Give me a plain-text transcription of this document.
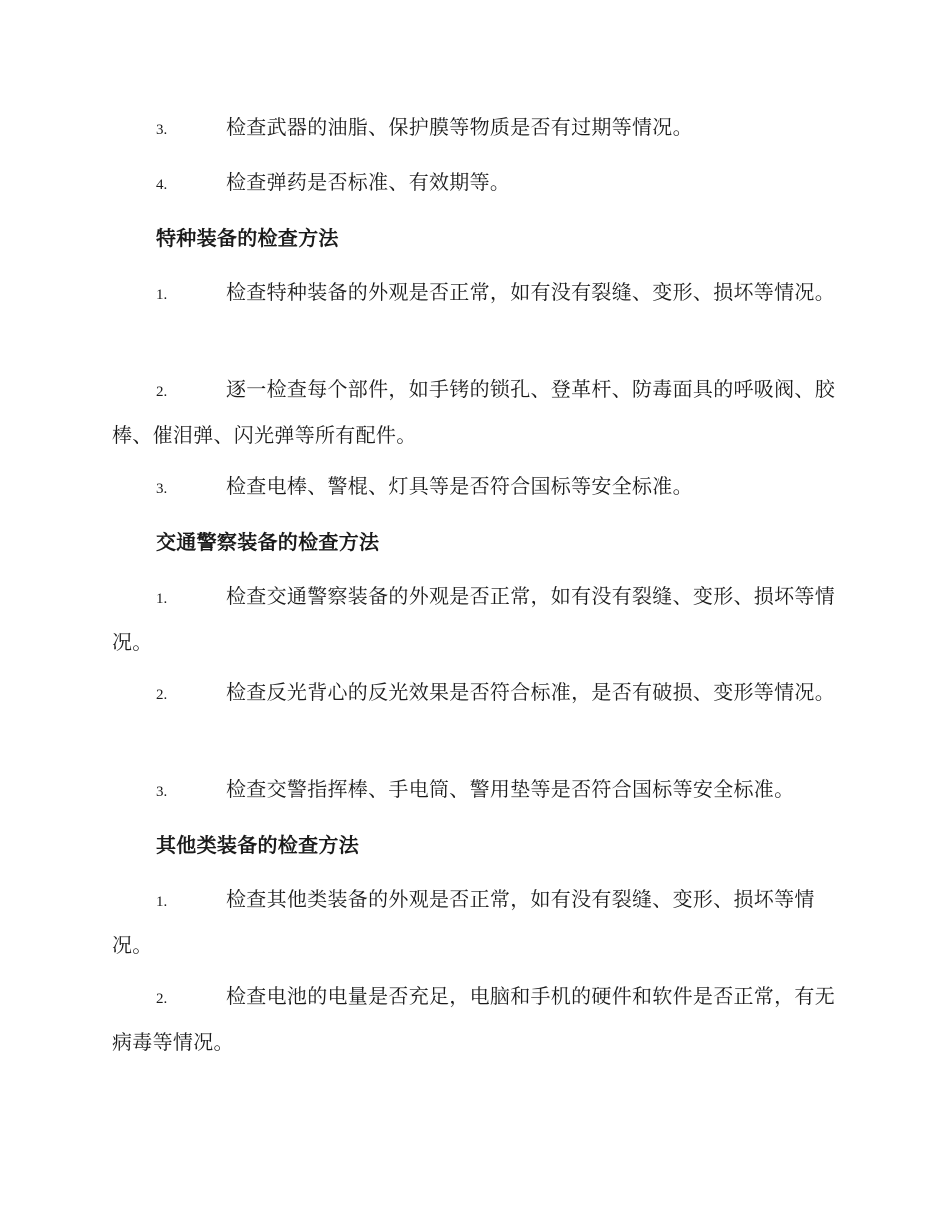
3.	检查武器的油脂、保护膜等物质是否有过期等情况。

4.	检查弹药是否标准、有效期等。

特种装备的检查方法

1.	检查特种装备的外观是否正常，如有没有裂缝、变形、损坏等情况。

2.	逐一检查每个部件，如手铐的锁孔、登革杆、防毒面具的呼吸阀、胶棒、催泪弹、闪光弹等所有配件。

3.	检查电棒、警棍、灯具等是否符合国标等安全标准。

交通警察装备的检查方法

1.	检查交通警察装备的外观是否正常，如有没有裂缝、变形、损坏等情况。

2.	检查反光背心的反光效果是否符合标准，是否有破损、变形等情况。

3.	检查交警指挥棒、手电筒、警用垫等是否符合国标等安全标准。

其他类装备的检查方法

1.	检查其他类装备的外观是否正常，如有没有裂缝、变形、损坏等情况。

2.	检查电池的电量是否充足，电脑和手机的硬件和软件是否正常，有无病毒等情况。
